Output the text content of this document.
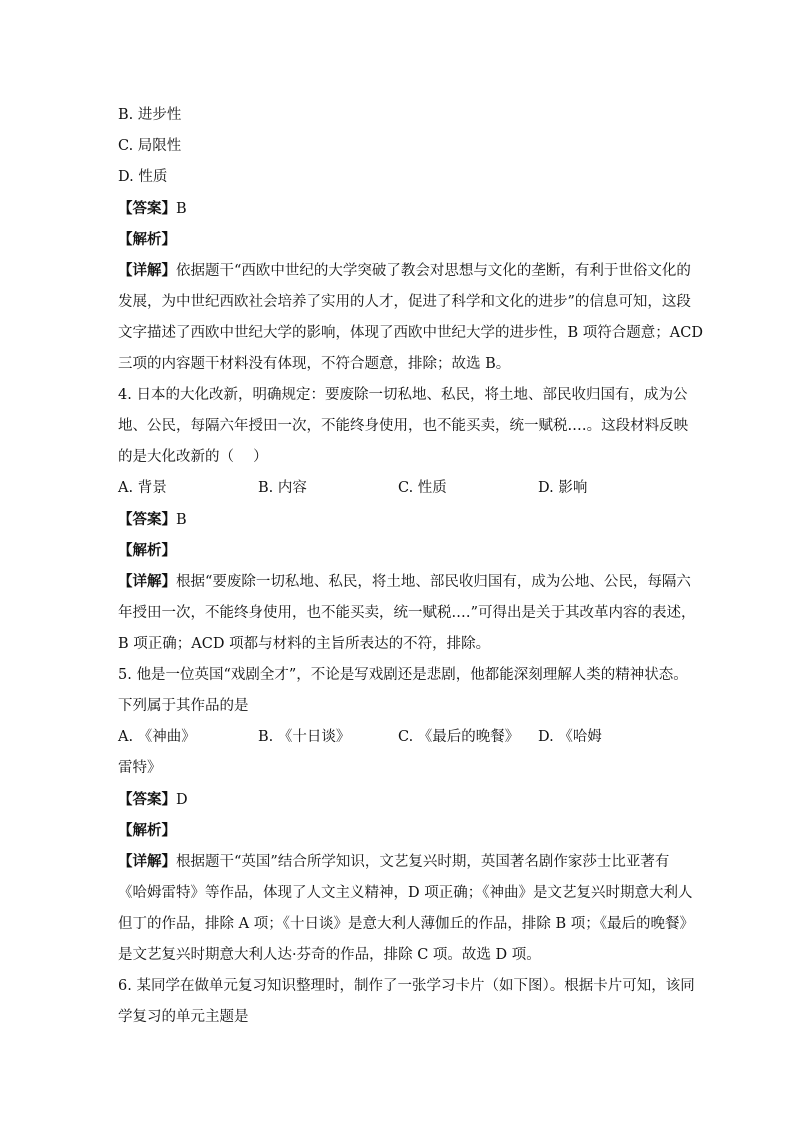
B. 进步性
C. 局限性
D. 性质
【答案】B
【解析】

【详解】依据题干“西欧中世纪的大学突破了教会对思想与文化的垄断，有利于世俗文化的

发展，为中世纪西欧社会培养了实用的人才，促进了科学和文化的进步”的信息可知，这段

文字描述了西欧中世纪大学的影响，体现了西欧中世纪大学的进步性，B 项符合题意；ACD

三项的内容题干材料没有体现，不符合题意，排除；故选 B。

4. 日本的大化改新，明确规定：要废除一切私地、私民，将土地、部民收归国有，成为公

地、公民，每隔六年授田一次，不能终身使用，也不能买卖，统一赋税.…。这段材料反映

的是大化改新的（　 ）

A. 背景	B. 内容	C. 性质	D. 影响
【答案】B
【解析】

【详解】根据“要废除一切私地、私民，将土地、部民收归国有，成为公地、公民，每隔六

年授田一次，不能终身使用，也不能买卖，统一赋税.…”可得出是关于其改革内容的表述，

B 项正确；ACD 项都与材料的主旨所表达的不符，排除。

5. 他是一位英国“戏剧全才”，不论是写戏剧还是悲剧，他都能深刻理解人类的精神状态。

下列属于其作品的是

A. 《神曲》	B. 《十日谈》	C. 《最后的晚餐》	D. 《哈姆
雷特》
【答案】D
【解析】

【详解】根据题干“英国”结合所学知识，文艺复兴时期，英国著名剧作家莎士比亚著有

《哈姆雷特》等作品，体现了人文主义精神，D 项正确；《神曲》是文艺复兴时期意大利人

但丁的作品，排除 A 项；《十日谈》是意大利人薄伽丘的作品，排除 B 项；《最后的晚餐》

是文艺复兴时期意大利人达·芬奇的作品，排除 C 项。故选 D 项。

6. 某同学在做单元复习知识整理时，制作了一张学习卡片（如下图）。根据卡片可知，该同

学复习的单元主题是
